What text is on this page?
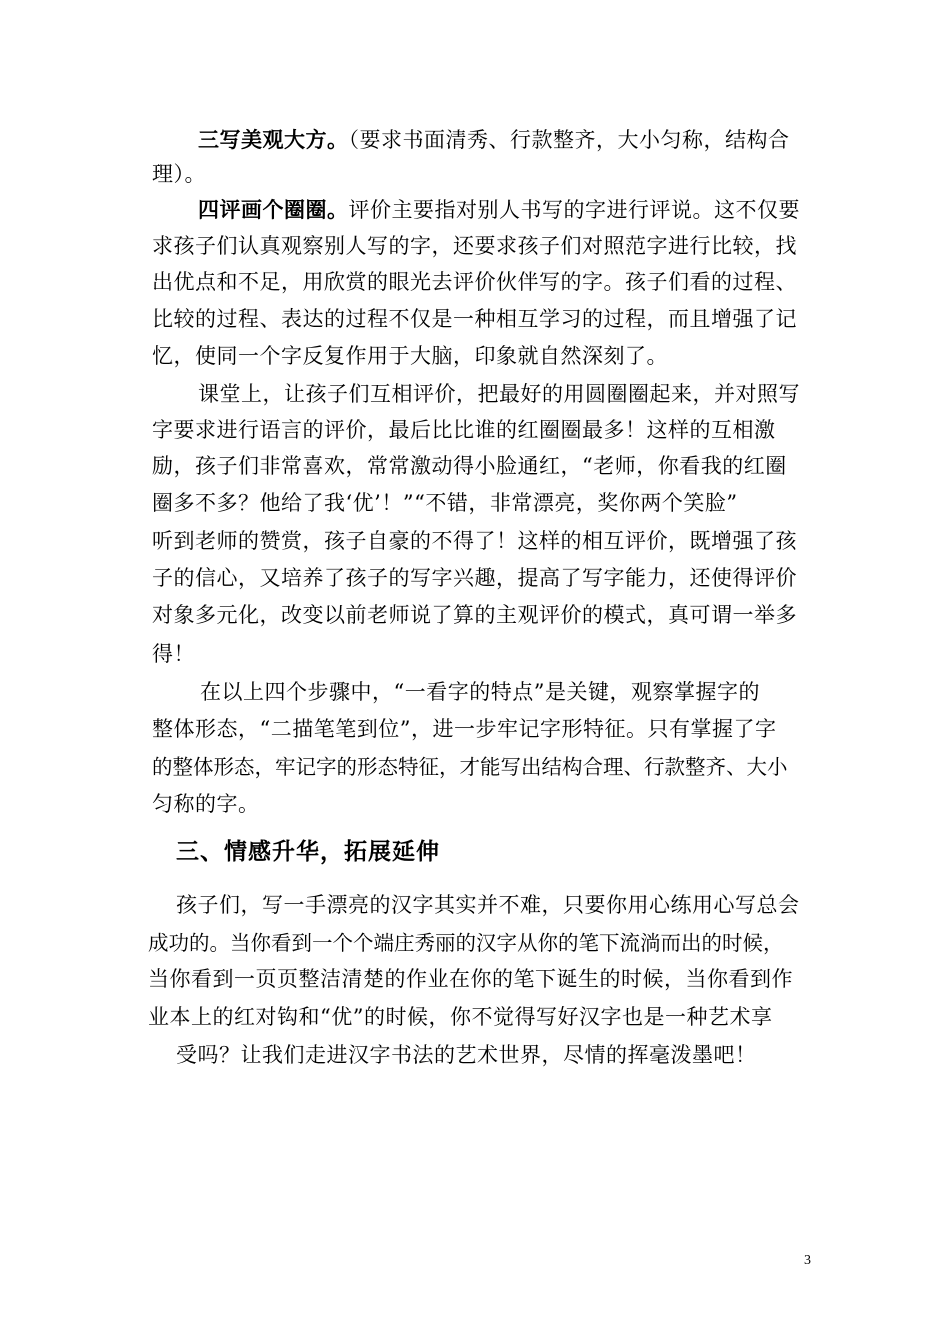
三写美观大方。（要求书面清秀、行款整齐，大小匀称，结构合
理）。
四评画个圈圈。评价主要指对别人书写的字进行评说。这不仅要
求孩子们认真观察别人写的字，还要求孩子们对照范字进行比较，找
出优点和不足，用欣赏的眼光去评价伙伴写的字。孩子们看的过程、
比较的过程、表达的过程不仅是一种相互学习的过程，而且增强了记
忆，使同一个字反复作用于大脑，印象就自然深刻了。
课堂上，让孩子们互相评价，把最好的用圆圈圈起来，并对照写
字要求进行语言的评价，最后比比谁的红圈圈最多！这样的互相激
励，孩子们非常喜欢，常常激动得小脸通红，“老师，你看我的红圈
圈多不多？他给了我‘优’！”“不错，非常漂亮，奖你两个笑脸”
听到老师的赞赏，孩子自豪的不得了！这样的相互评价，既增强了孩
子的信心，又培养了孩子的写字兴趣，提高了写字能力，还使得评价
对象多元化，改变以前老师说了算的主观评价的模式，真可谓一举多
得！
在以上四个步骤中，“一看字的特点”是关键，观察掌握字的
整体形态，“二描笔笔到位”，进一步牢记字形特征。只有掌握了字
的整体形态，牢记字的形态特征，才能写出结构合理、行款整齐、大小
匀称的字。
三、情感升华，拓展延伸
孩子们，写一手漂亮的汉字其实并不难，只要你用心练用心写总会
成功的。当你看到一个个端庄秀丽的汉字从你的笔下流淌而出的时候，
当你看到一页页整洁清楚的作业在你的笔下诞生的时候，当你看到作
业本上的红对钩和“优”的时候，你不觉得写好汉字也是一种艺术享
受吗？让我们走进汉字书法的艺术世界，尽情的挥毫泼墨吧！
3
